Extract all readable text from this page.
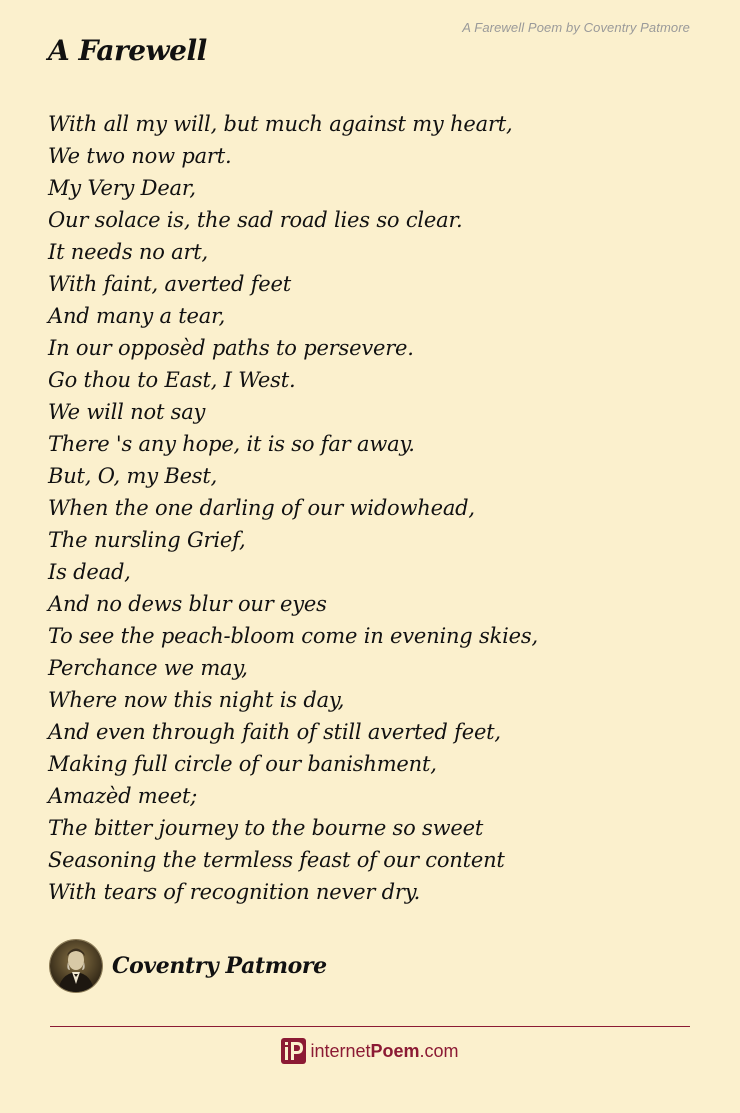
A Farewell Poem by Coventry Patmore
A Farewell
With all my will, but much against my heart,
We two now part.
My Very Dear,
Our solace is, the sad road lies so clear.
It needs no art,
With faint, averted feet
And many a tear,
In our opposèd paths to persevere.
Go thou to East, I West.
We will not say
There 's any hope, it is so far away.
But, O, my Best,
When the one darling of our widowhead,
The nursling Grief,
Is dead,
And no dews blur our eyes
To see the peach-bloom come in evening skies,
Perchance we may,
Where now this night is day,
And even through faith of still averted feet,
Making full circle of our banishment,
Amazèd meet;
The bitter journey to the bourne so sweet
Seasoning the termless feast of our content
With tears of recognition never dry.
Coventry Patmore
internetPoem.com
